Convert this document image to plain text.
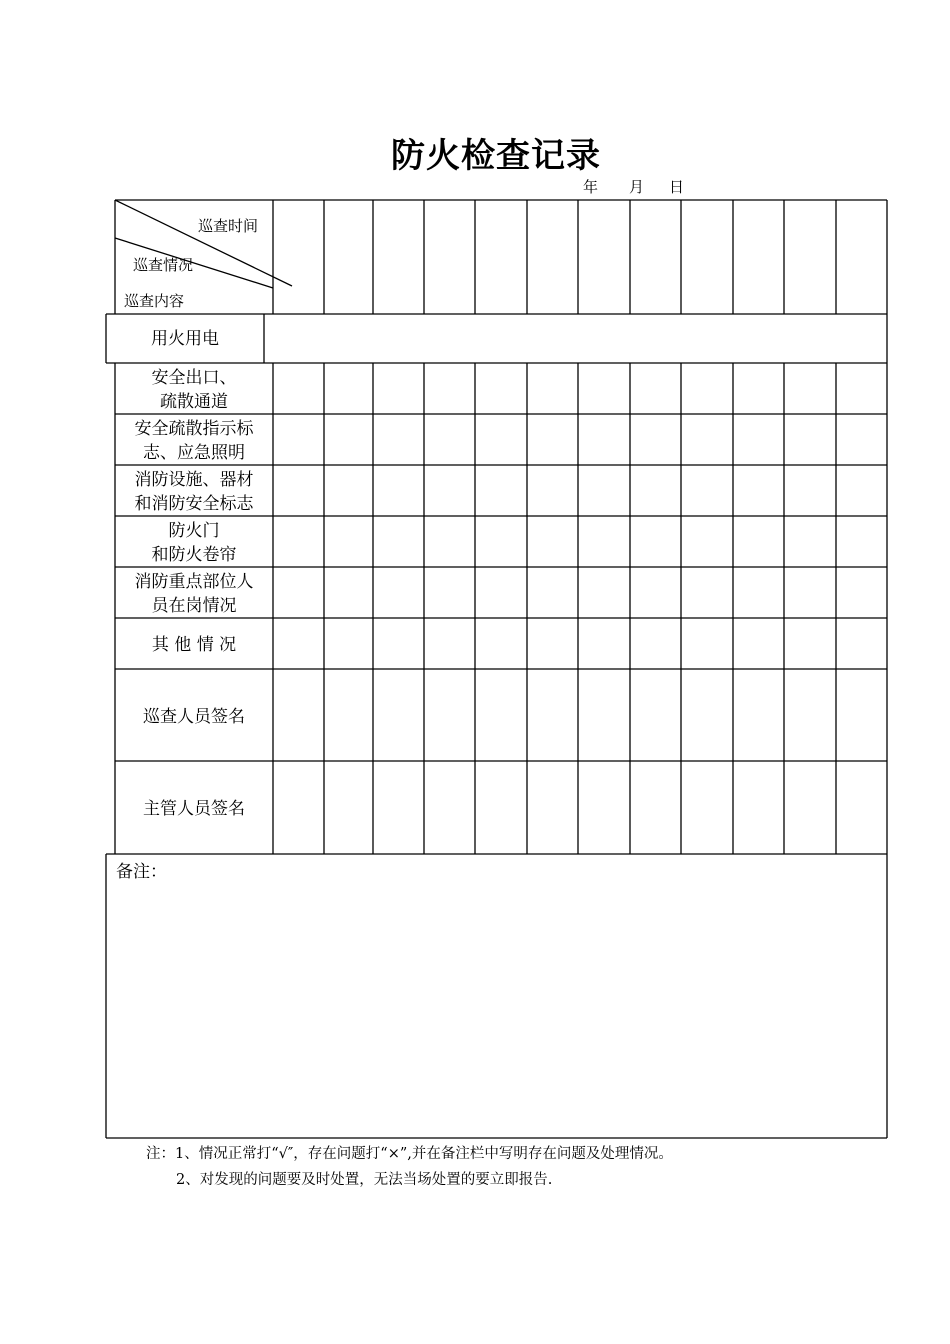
防火检查记录
年 月 日
巡查时间
巡查情况
巡查内容
用火用电
安全出口、
疏散通道
安全疏散指示标
志、应急照明
消防设施、器材
和消防安全标志
防火门
和防火卷帘
消防重点部位人
员在岗情况
其 他 情 况
巡查人员签名
主管人员签名
备注：
注：1、情况正常打“√″，存在问题打“×”,并在备注栏中写明存在问题及处理情况。
2、对发现的问题要及时处置，无法当场处置的要立即报告.
